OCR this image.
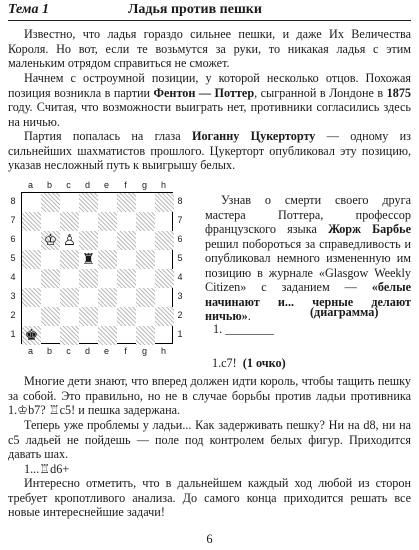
Тема 1	Ладья против пешки

Известно, что ладья гораздо сильнее пешки, и даже Их Величества Короля. Но вот, если те возьмутся за руки, то никакая ладья с этим маленьким отрядом справиться не сможет.

Начнем с остроумной позиции, у которой несколько отцов. Похожая позиция возникла в партии Фентон — Поттер, сыгранной в Лондоне в 1875 году. Считая, что возможности выиграть нет, противники согласились здесь на ничью.

Партия попалась на глаза Иоганну Цукерторту — одному из сильнейших шахматистов прошлого. Цукерторт опубликовал эту позицию, указав несложный путь к выигрышу белых.

a	b	c	d	e	f	g	h
8
7
6
5
4
3
2
1
8
7
6
5
4
3
2
1
a	b	c	d	e	f	g	h
♔ ♙
♜
♚

Узнав о смерти своего друга мастера Поттера, профессор французского языка Жорж Барбье решил побороться за справедливость и опубликовал немного измененную им позицию в журнале «Glasgow Weekly Citizen» с заданием — «белые начинают и... черные делают ничью».	(диаграмма)
1. ________
1.c7! (1 очко)

Многие дети знают, что вперед должен идти король, чтобы тащить пешку за собой. Это правильно, но не в случае борьбы против ладьи противника 1.♔b7? ♖c5! и пешка задержана.

Теперь уже проблемы у ладьи... Как задерживать пешку? Ни на d8, ни на c5 ладьей не пойдешь — поле под контролем белых фигур. Приходится давать шах.

1...♖d6+

Интересно отметить, что в дальнейшем каждый ход любой из сторон требует кропотливого анализа. До самого конца приходится решать все новые интереснейшие задачи!

6
